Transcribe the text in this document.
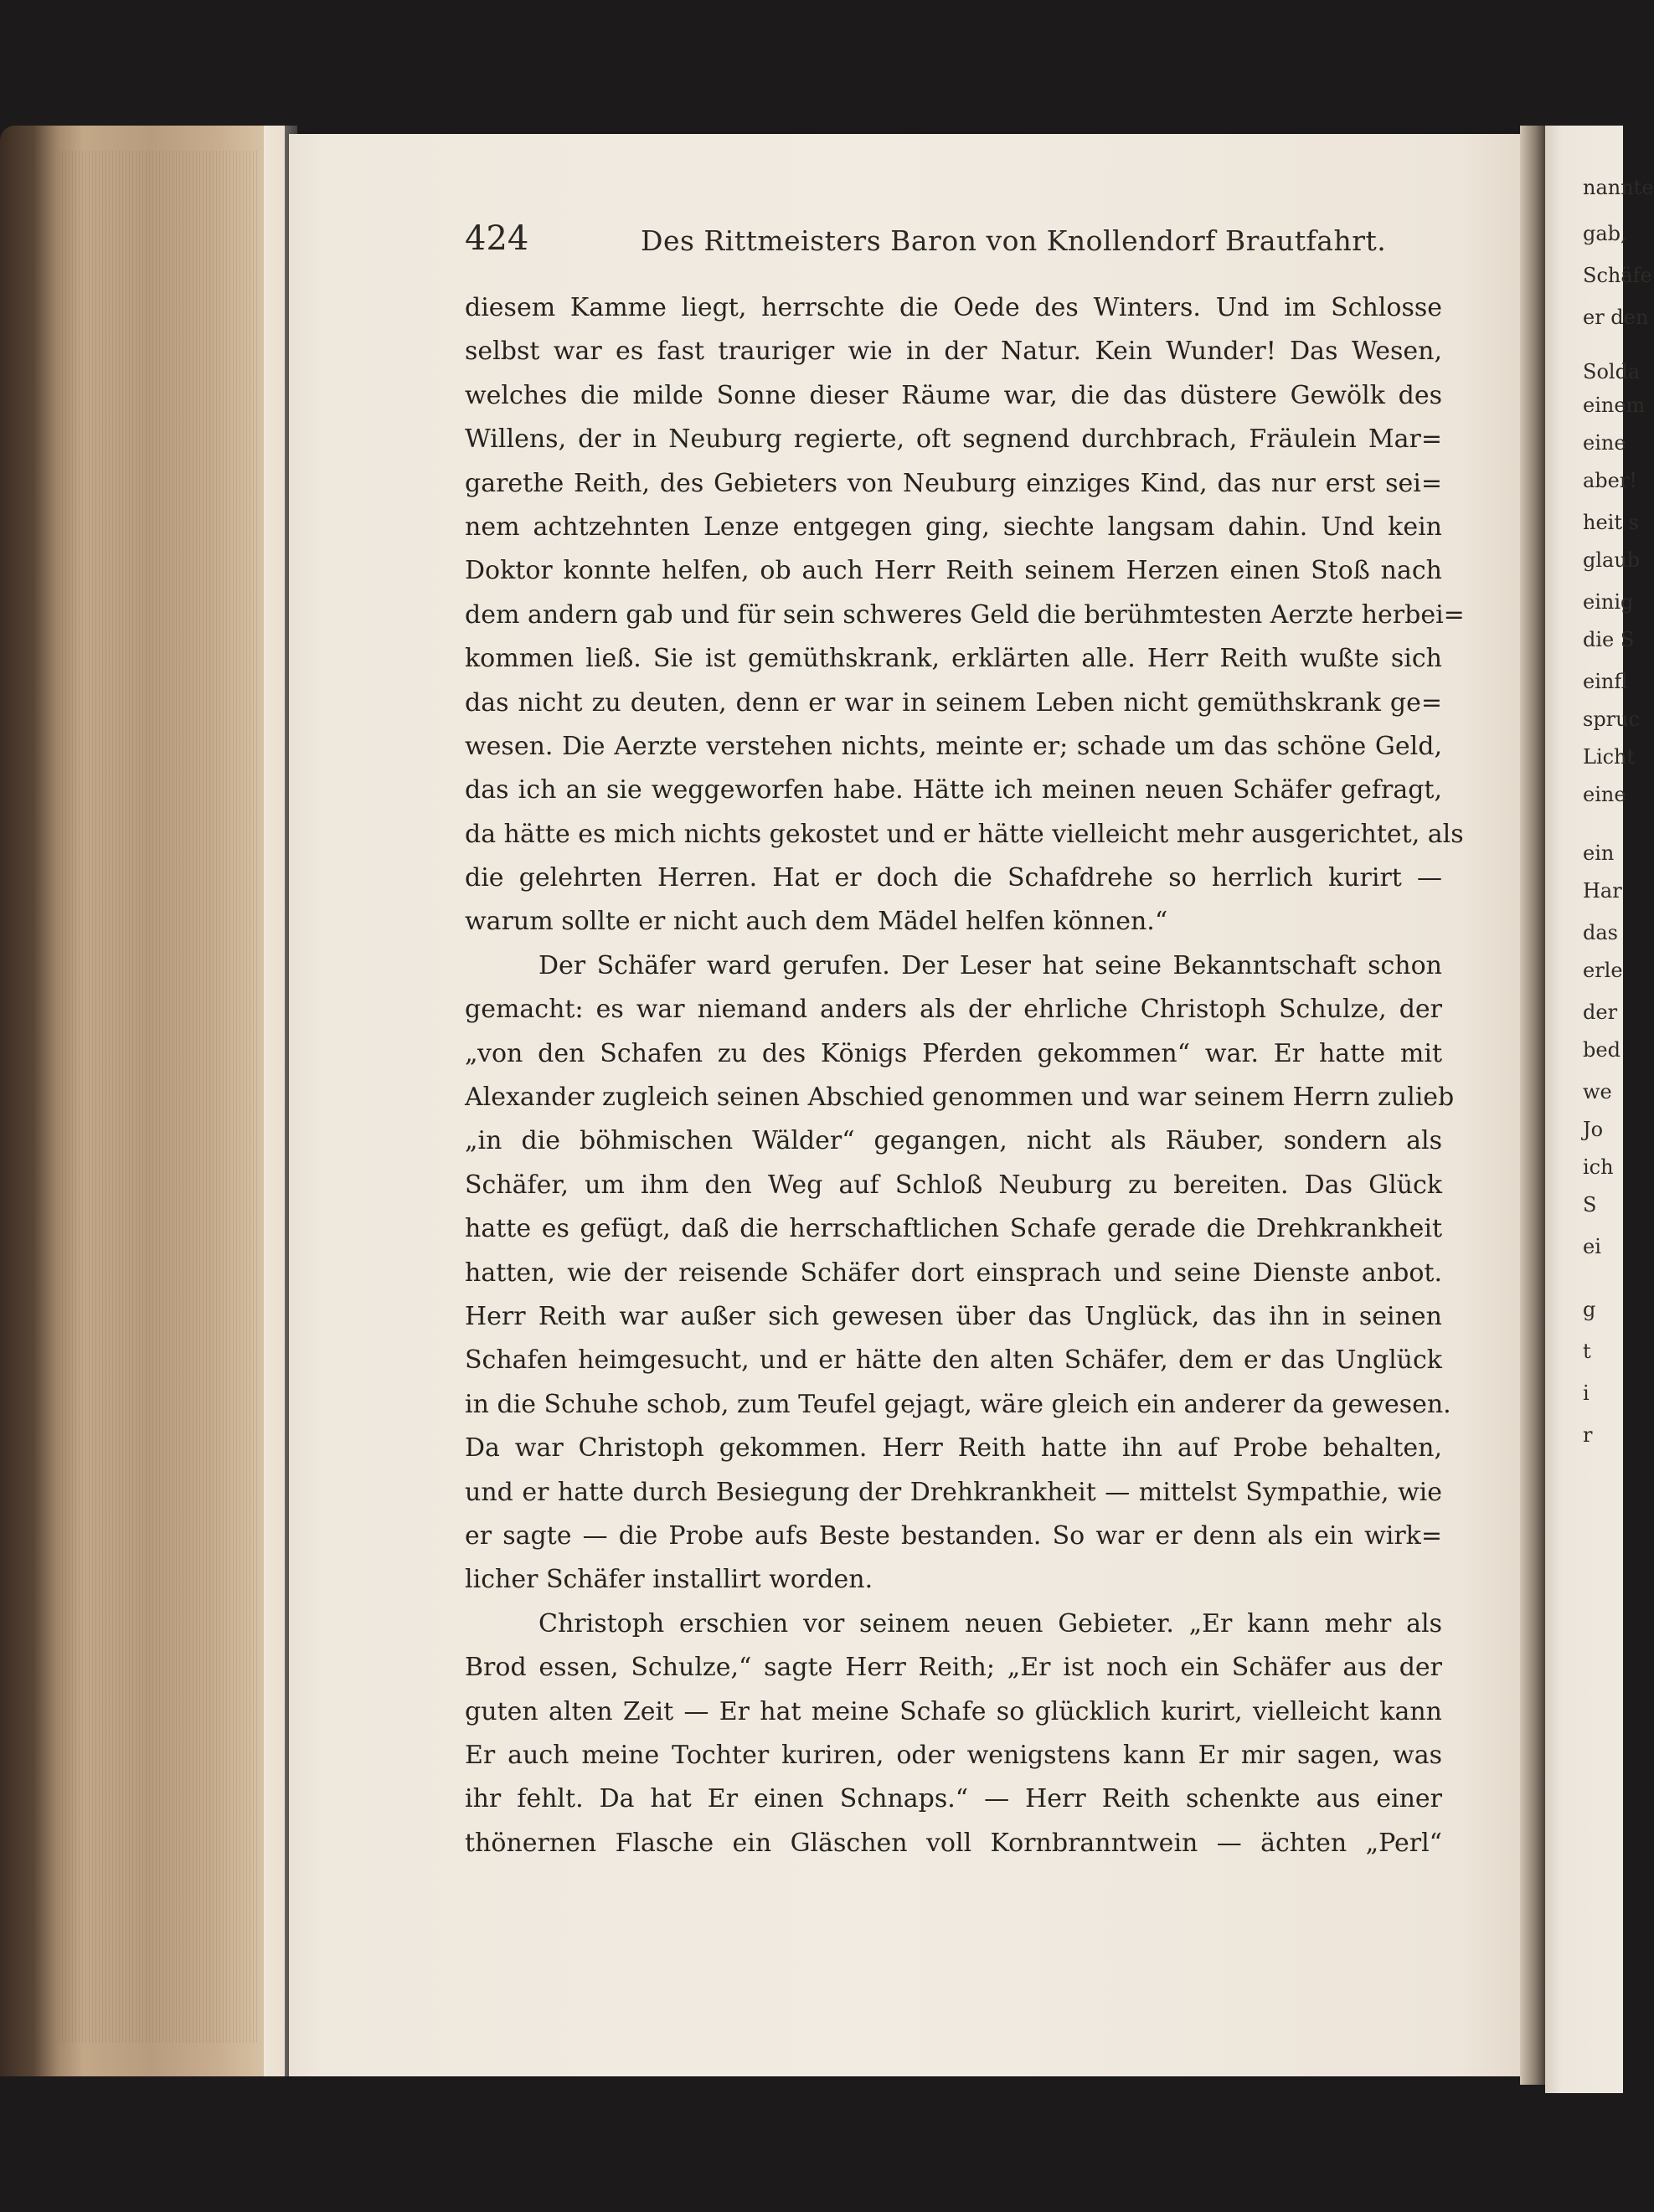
nannte
gab,
Schäfe
er den
Solda
einem
eine
aber!
heit s
glaub
einig
die S
einfl
spruc
Licht
eine
ein
Har
das
erle
der
bed
we
Jo
ich
S
ei
g
t
i
r
424	Des Rittmeisters Baron von Knollendorf Brautfahrt.
diesem Kamme liegt, herrschte die Oede des Winters. Und im Schlosse
selbst war es fast trauriger wie in der Natur. Kein Wunder! Das Wesen,
welches die milde Sonne dieser Räume war, die das düstere Gewölk des
Willens, der in Neuburg regierte, oft segnend durchbrach, Fräulein Mar=
garethe Reith, des Gebieters von Neuburg einziges Kind, das nur erst sei=
nem achtzehnten Lenze entgegen ging, siechte langsam dahin. Und kein
Doktor konnte helfen, ob auch Herr Reith seinem Herzen einen Stoß nach
dem andern gab und für sein schweres Geld die berühmtesten Aerzte herbei=
kommen ließ. Sie ist gemüthskrank, erklärten alle. Herr Reith wußte sich
das nicht zu deuten, denn er war in seinem Leben nicht gemüthskrank ge=
wesen. Die Aerzte verstehen nichts, meinte er; schade um das schöne Geld,
das ich an sie weggeworfen habe. Hätte ich meinen neuen Schäfer gefragt,
da hätte es mich nichts gekostet und er hätte vielleicht mehr ausgerichtet, als
die gelehrten Herren. Hat er doch die Schafdrehe so herrlich kurirt —
warum sollte er nicht auch dem Mädel helfen können.“
Der Schäfer ward gerufen. Der Leser hat seine Bekanntschaft schon
gemacht: es war niemand anders als der ehrliche Christoph Schulze, der
„von den Schafen zu des Königs Pferden gekommen“ war. Er hatte mit
Alexander zugleich seinen Abschied genommen und war seinem Herrn zulieb
„in die böhmischen Wälder“ gegangen, nicht als Räuber, sondern als
Schäfer, um ihm den Weg auf Schloß Neuburg zu bereiten. Das Glück
hatte es gefügt, daß die herrschaftlichen Schafe gerade die Drehkrankheit
hatten, wie der reisende Schäfer dort einsprach und seine Dienste anbot.
Herr Reith war außer sich gewesen über das Unglück, das ihn in seinen
Schafen heimgesucht, und er hätte den alten Schäfer, dem er das Unglück
in die Schuhe schob, zum Teufel gejagt, wäre gleich ein anderer da gewesen.
Da war Christoph gekommen. Herr Reith hatte ihn auf Probe behalten,
und er hatte durch Besiegung der Drehkrankheit — mittelst Sympathie, wie
er sagte — die Probe aufs Beste bestanden. So war er denn als ein wirk=
licher Schäfer installirt worden.
Christoph erschien vor seinem neuen Gebieter. „Er kann mehr als
Brod essen, Schulze,“ sagte Herr Reith; „Er ist noch ein Schäfer aus der
guten alten Zeit — Er hat meine Schafe so glücklich kurirt, vielleicht kann
Er auch meine Tochter kuriren, oder wenigstens kann Er mir sagen, was
ihr fehlt. Da hat Er einen Schnaps.“ — Herr Reith schenkte aus einer
thönernen Flasche ein Gläschen voll Kornbranntwein — ächten „Perl“
